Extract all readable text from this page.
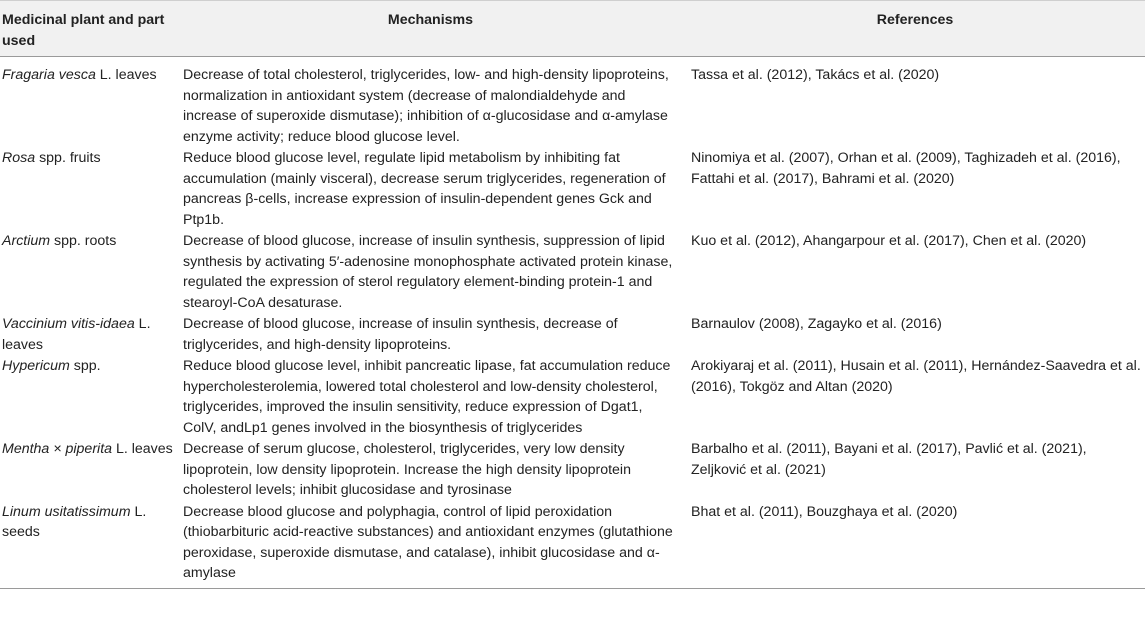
Medicinal plant and part used	Mechanisms	References
Fragaria vesca L. leaves	Decrease of total cholesterol, triglycerides, low- and high-density lipoproteins, normalization in antioxidant system (decrease of malondialdehyde and increase of superoxide dismutase); inhibition of α-glucosidase and α-amylase enzyme activity; reduce blood glucose level.	Tassa et al. (2012), Takács et al. (2020)
Rosa spp. fruits	Reduce blood glucose level, regulate lipid metabolism by inhibiting fat accumulation (mainly visceral), decrease serum triglycerides, regeneration of pancreas β-cells, increase expression of insulin-dependent genes Gck and Ptp1b.	Ninomiya et al. (2007), Orhan et al. (2009), Taghizadeh et al. (2016), Fattahi et al. (2017), Bahrami et al. (2020)
Arctium spp. roots	Decrease of blood glucose, increase of insulin synthesis, suppression of lipid synthesis by activating 5′-adenosine monophosphate activated protein kinase, regulated the expression of sterol regulatory element-binding protein-1 and stearoyl-CoA desaturase.	Kuo et al. (2012), Ahangarpour et al. (2017), Chen et al. (2020)
Vaccinium vitis-idaea L. leaves	Decrease of blood glucose, increase of insulin synthesis, decrease of triglycerides, and high-density lipoproteins.	Barnaulov (2008), Zagayko et al. (2016)
Hypericum spp.	Reduce blood glucose level, inhibit pancreatic lipase, fat accumulation reduce hypercholesterolemia, lowered total cholesterol and low-density cholesterol, triglycerides, improved the insulin sensitivity, reduce expression of Dgat1, ColV, andLp1 genes involved in the biosynthesis of triglycerides	Arokiyaraj et al. (2011), Husain et al. (2011), Hernández-Saavedra et al. (2016), Tokgöz and Altan (2020)
Mentha × piperita L. leaves	Decrease of serum glucose, cholesterol, triglycerides, very low density lipoprotein, low density lipoprotein. Increase the high density lipoprotein cholesterol levels; inhibit glucosidase and tyrosinase	Barbalho et al. (2011), Bayani et al. (2017), Pavlić et al. (2021), Zeljković et al. (2021)
Linum usitatissimum L. seeds	Decrease blood glucose and polyphagia, control of lipid peroxidation (thiobarbituric acid-reactive substances) and antioxidant enzymes (glutathione peroxidase, superoxide dismutase, and catalase), inhibit glucosidase and α-amylase	Bhat et al. (2011), Bouzghaya et al. (2020)
